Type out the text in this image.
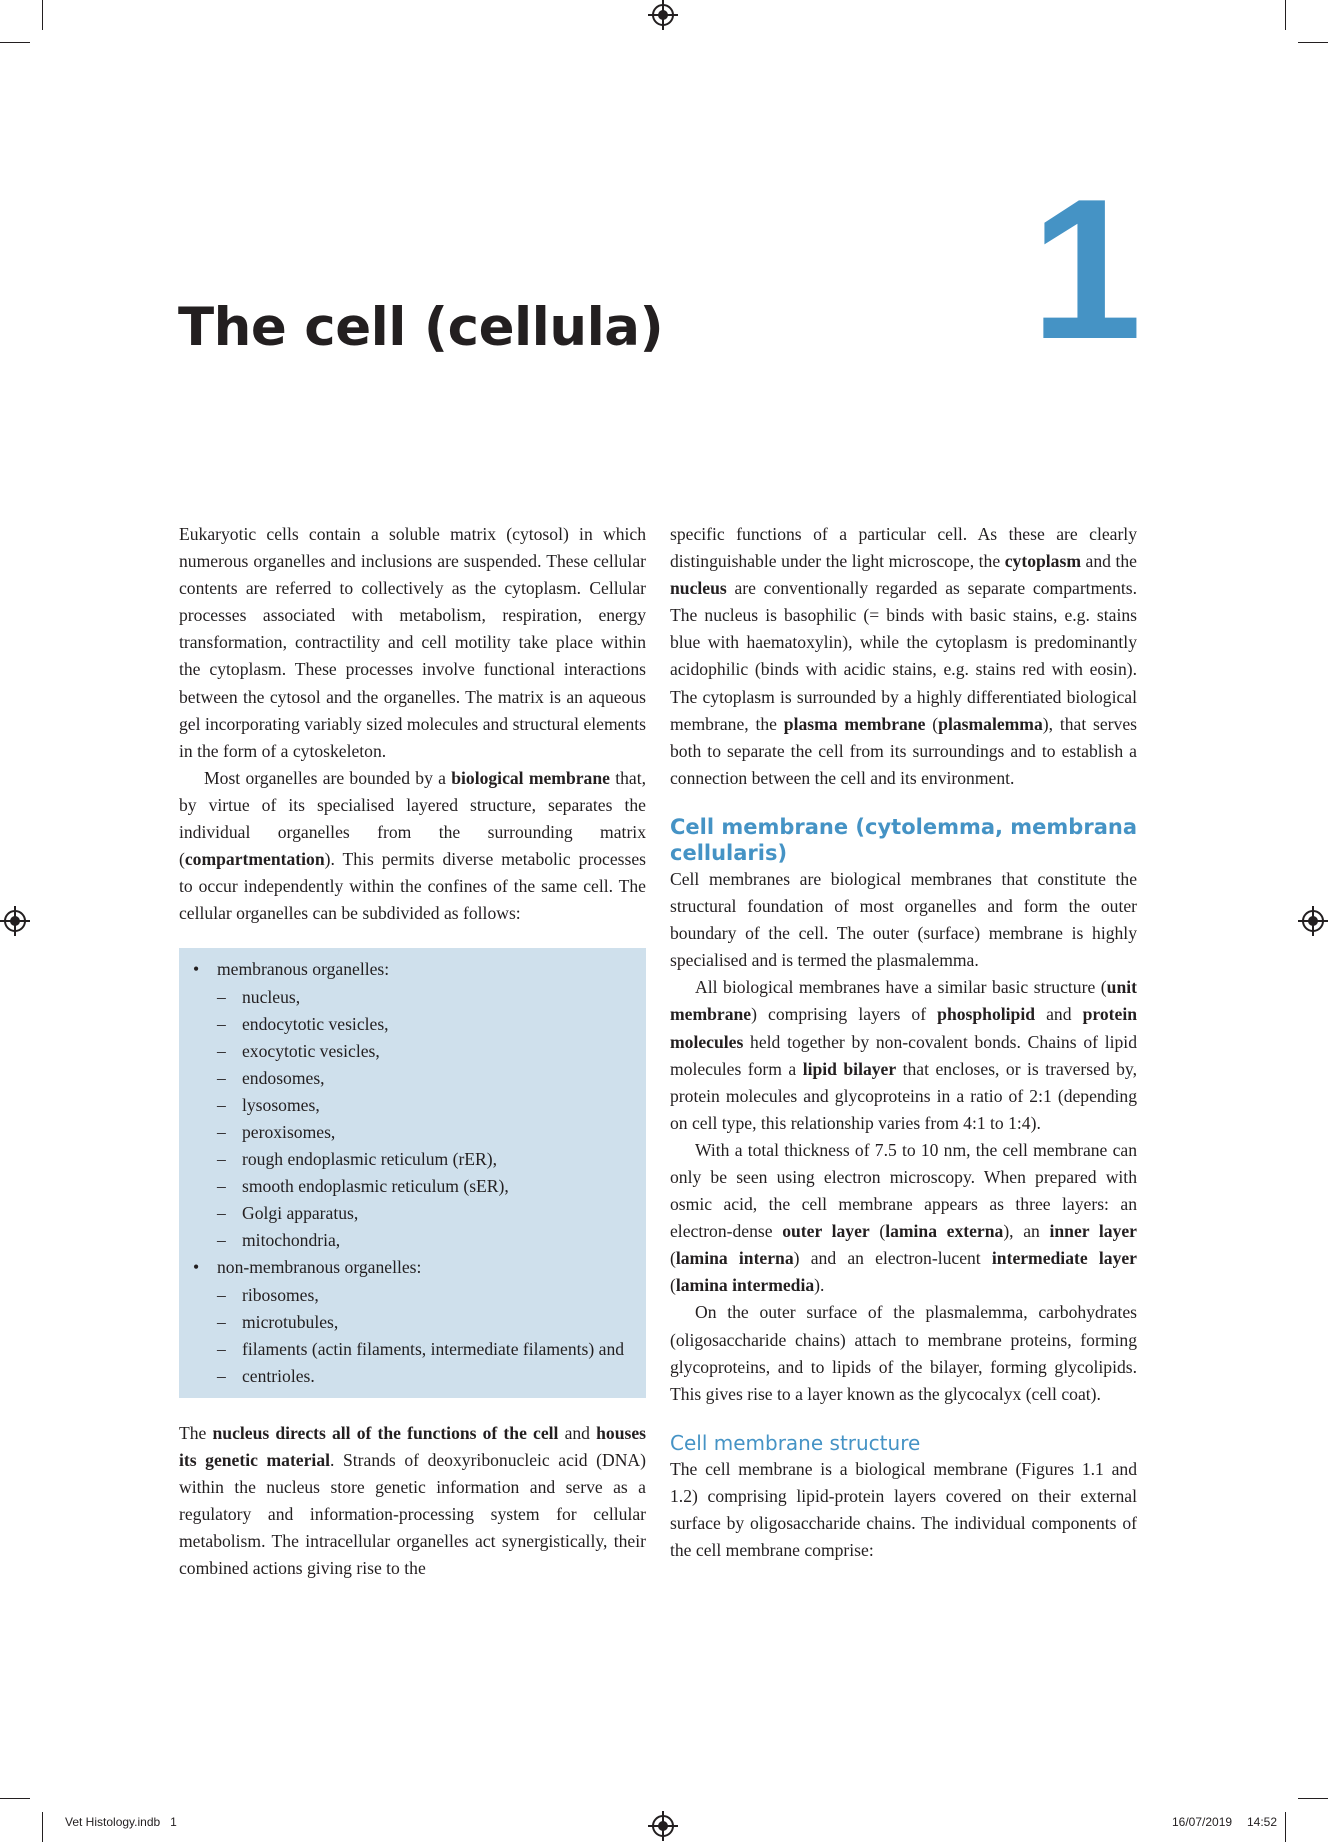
1
The cell (cellula)

Eukaryotic cells contain a soluble matrix (cytosol) in which numerous organelles and inclusions are suspended. These cellular contents are referred to collectively as the cytoplasm. Cellular processes associated with metabolism, respiration, energy transformation, contractility and cell motility take place within the cytoplasm. These processes involve functional interactions between the cytosol and the organelles. The matrix is an aqueous gel incorporating variably sized molecules and structural elements in the form of a cytoskeleton.

Most organelles are bounded by a biological membrane that, by virtue of its specialised layered structure, separates the individual organelles from the surrounding matrix (compartmentation). This permits diverse metabolic processes to occur independently within the confines of the same cell. The cellular organelles can be subdivided as follows:

•	membranous organelles:
– nucleus,
– endocytotic vesicles,
– exocytotic vesicles,
– endosomes,
– lysosomes,
– peroxisomes,
– rough endoplasmic reticulum (rER),
– smooth endoplasmic reticulum (sER),
– Golgi apparatus,
– mitochondria,
•	non-membranous organelles:
– ribosomes,
– microtubules,
– filaments (actin filaments, intermediate filaments) and
– centrioles.

The nucleus directs all of the functions of the cell and houses its genetic material. Strands of deoxyribonucleic acid (DNA) within the nucleus store genetic information and serve as a regulatory and information-processing system for cellular metabolism. The intracellular organelles act synergistically, their combined actions giving rise to the

specific functions of a particular cell. As these are clearly distinguishable under the light microscope, the cytoplasm and the nucleus are conventionally regarded as separate compartments. The nucleus is basophilic (= binds with basic stains, e.g. stains blue with haematoxylin), while the cytoplasm is predominantly acidophilic (binds with acidic stains, e.g. stains red with eosin). The cytoplasm is surrounded by a highly differentiated biological membrane, the plasma membrane (plasmalemma), that serves both to separate the cell from its surroundings and to establish a connection between the cell and its environment.

Cell membrane (cytolemma, membrana cellularis)

Cell membranes are biological membranes that constitute the structural foundation of most organelles and form the outer boundary of the cell. The outer (surface) membrane is highly specialised and is termed the plasmalemma.

All biological membranes have a similar basic structure (unit membrane) comprising layers of phospholipid and protein molecules held together by non-covalent bonds. Chains of lipid molecules form a lipid bilayer that encloses, or is traversed by, protein molecules and glycoproteins in a ratio of 2:1 (depending on cell type, this relationship varies from 4:1 to 1:4).

With a total thickness of 7.5 to 10 nm, the cell membrane can only be seen using electron microscopy. When prepared with osmic acid, the cell membrane appears as three layers: an electron-dense outer layer (lamina externa), an inner layer (lamina interna) and an electron-lucent intermediate layer (lamina intermedia).

On the outer surface of the plasmalemma, carbohydrates (oligosaccharide chains) attach to membrane proteins, forming glycoproteins, and to lipids of the bilayer, forming glycolipids. This gives rise to a layer known as the glycocalyx (cell coat).

Cell membrane structure

The cell membrane is a biological membrane (Figures 1.1 and 1.2) comprising lipid-protein layers covered on their external surface by oligosaccharide chains. The individual components of the cell membrane comprise:

Vet Histology.indb   1	16/07/2019 14:52
